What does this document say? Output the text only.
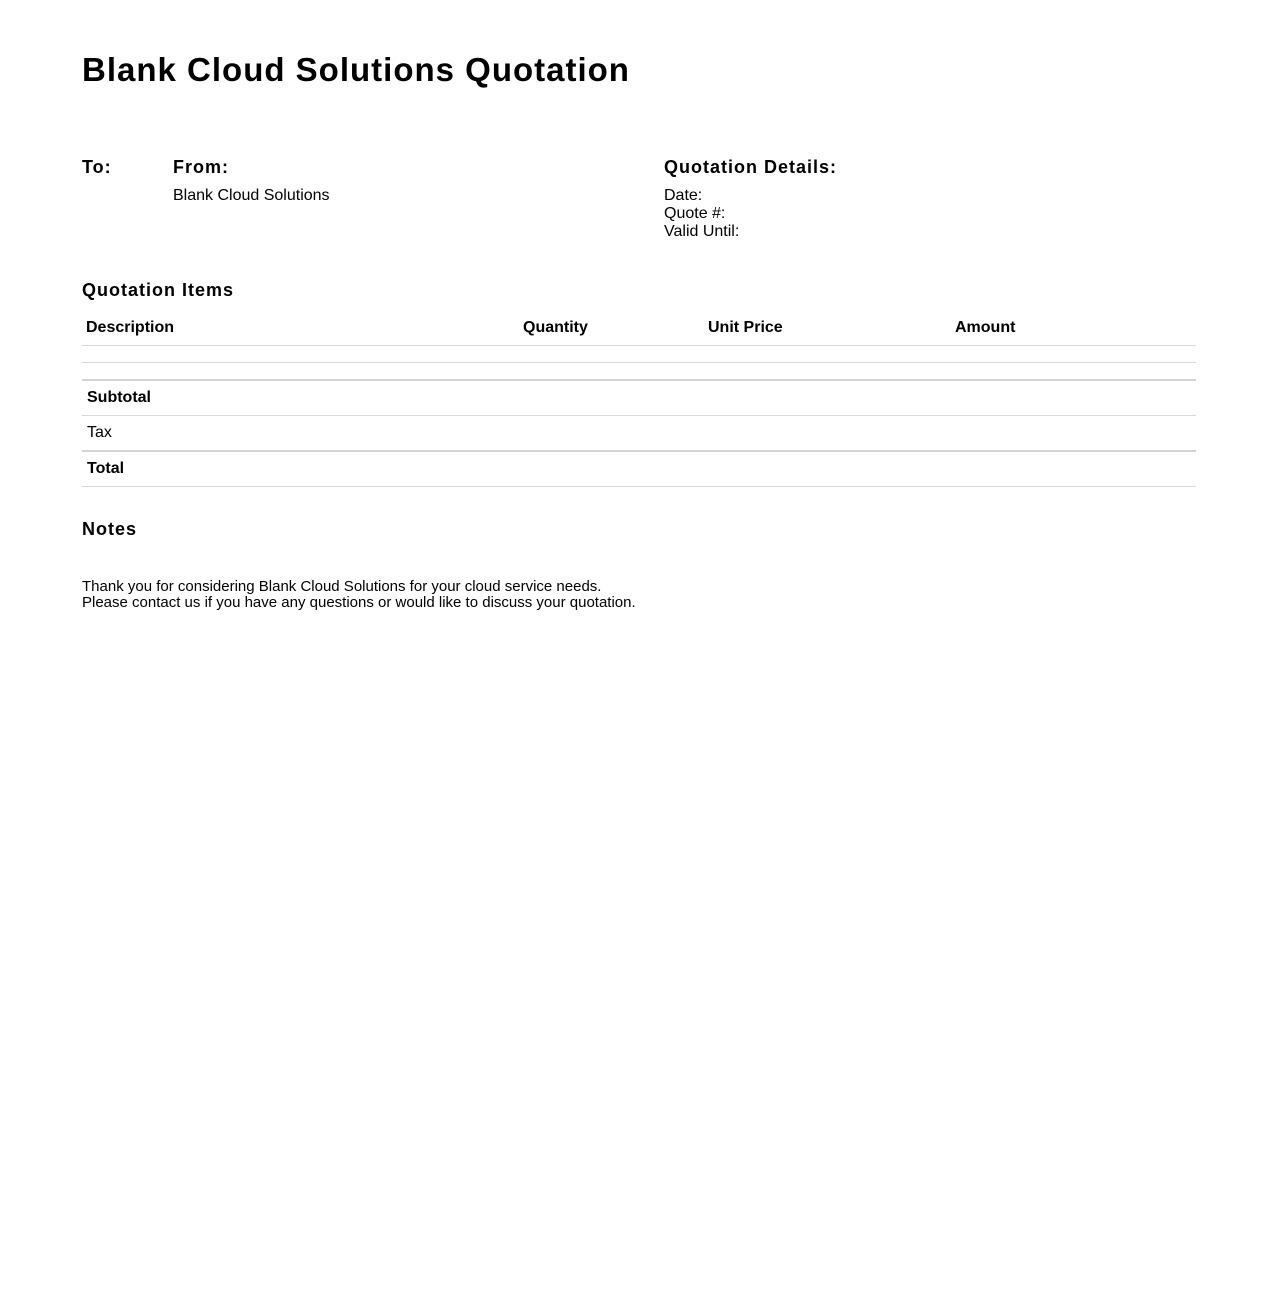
Blank Cloud Solutions Quotation
To:	From:
Blank Cloud Solutions
Quotation Details:
Date:
Quote #:
Valid Until:
Quotation Items
Description	Quantity	Unit Price	Amount

Subtotal			
Tax			
Total			
Notes
Thank you for considering Blank Cloud Solutions for your cloud service needs.
Please contact us if you have any questions or would like to discuss your quotation.
